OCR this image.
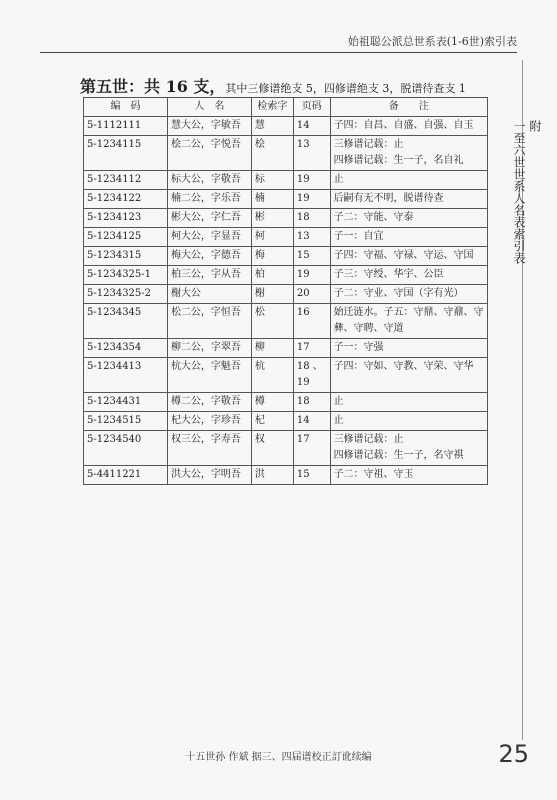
始祖聪公派总世系表(1-6世)索引表
第五世：共 16 支，其中三修谱绝支 5，四修谱绝支 3，脱谱待查支 1
编　码	人　名	检索字	页码	备　　注
5-1112111	慧大公，字敏吾	慧	14	子四：自昌、自盛、自强、自玉
5-1234115	桧二公，字悦吾	桧	13	三修谱记载：止
四修谱记载：生一子，名自礼
5-1234112	标大公，字敬吾	标	19	止
5-1234122	楠二公，字乐吾	楠	19	后嗣有无不明，脱谱待查
5-1234123	彬大公，字仁吾	彬	18	子二：守能、守泰
5-1234125	柯大公，字显吾	柯	13	子一：自宜
5-1234315	梅大公，字德吾	梅	15	子四：守福、守禄、守运、守国
5-1234325-1	柏三公，字从吾	柏	19	子三：守绶、华宇、公臣
5-1234325-2	榭大公	榭	20	子二：守业、守国（字有光）
5-1234345	松二公，字恒吾	松	16	始迁涟水。子五：守鼎、守鼐、守彝、守聘、守道
5-1234354	柳二公，字翠吾	柳	17	子一：守强
5-1234413	杭大公，字魁吾	杭	18 、19	子四：守如、守教、守荣、守华
5-1234431	樽二公，字敬吾	樽	18	止
5-1234515	杞大公，字珍吾	杞	14	止
5-1234540	权三公，字寿吾	权	17	三修谱记载：止
四修谱记载：生一子，名守祺
5-4411221	洪大公，字明吾	洪	15	子二：守祖、守玉
附
一至六世世系人名表索引表
十五世孙 作斌 据三、四届谱校正訂讹续编	25
